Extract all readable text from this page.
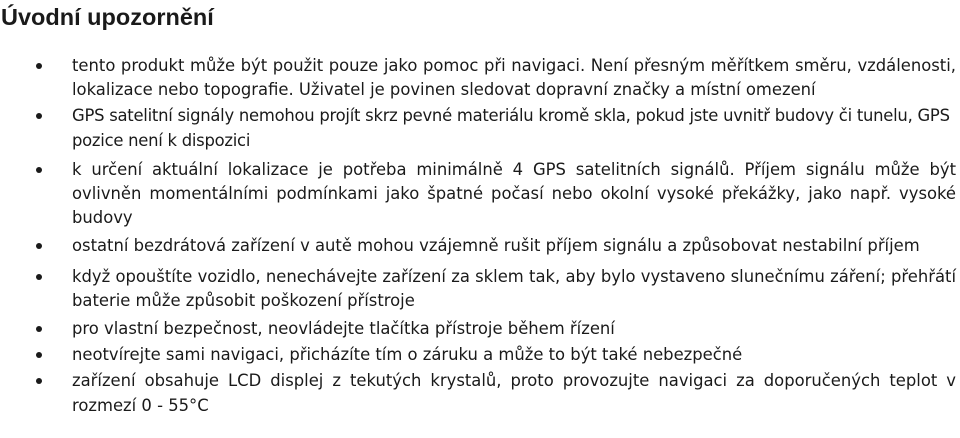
Úvodní upozornění
tento produkt může být použit pouze jako pomoc při navigaci. Není přesným měřítkem směru, vzdálenosti, lokalizace nebo topografie. Uživatel je povinen sledovat dopravní značky a místní omezení
GPS satelitní signály nemohou projít skrz pevné materiálu kromě skla, pokud jste uvnitř budovy či tunelu, GPS pozice není k dispozici
k určení aktuální lokalizace je potřeba minimálně 4 GPS satelitních signálů. Příjem signálu může být ovlivněn momentálními podmínkami jako špatné počasí nebo okolní vysoké překážky, jako např. vysoké budovy
ostatní bezdrátová zařízení v autě mohou vzájemně rušit příjem signálu a způsobovat nestabilní příjem
když opouštíte vozidlo, nenechávejte zařízení za sklem tak, aby bylo vystaveno slunečnímu záření; přehřátí baterie může způsobit poškození přístroje
pro vlastní bezpečnost, neovládejte tlačítka přístroje během řízení
neotvírejte sami navigaci, přicházíte tím o záruku a může to být také nebezpečné
zařízení obsahuje LCD displej z tekutých krystalů, proto provozujte navigaci za doporučených teplot v rozmezí 0 - 55°C
